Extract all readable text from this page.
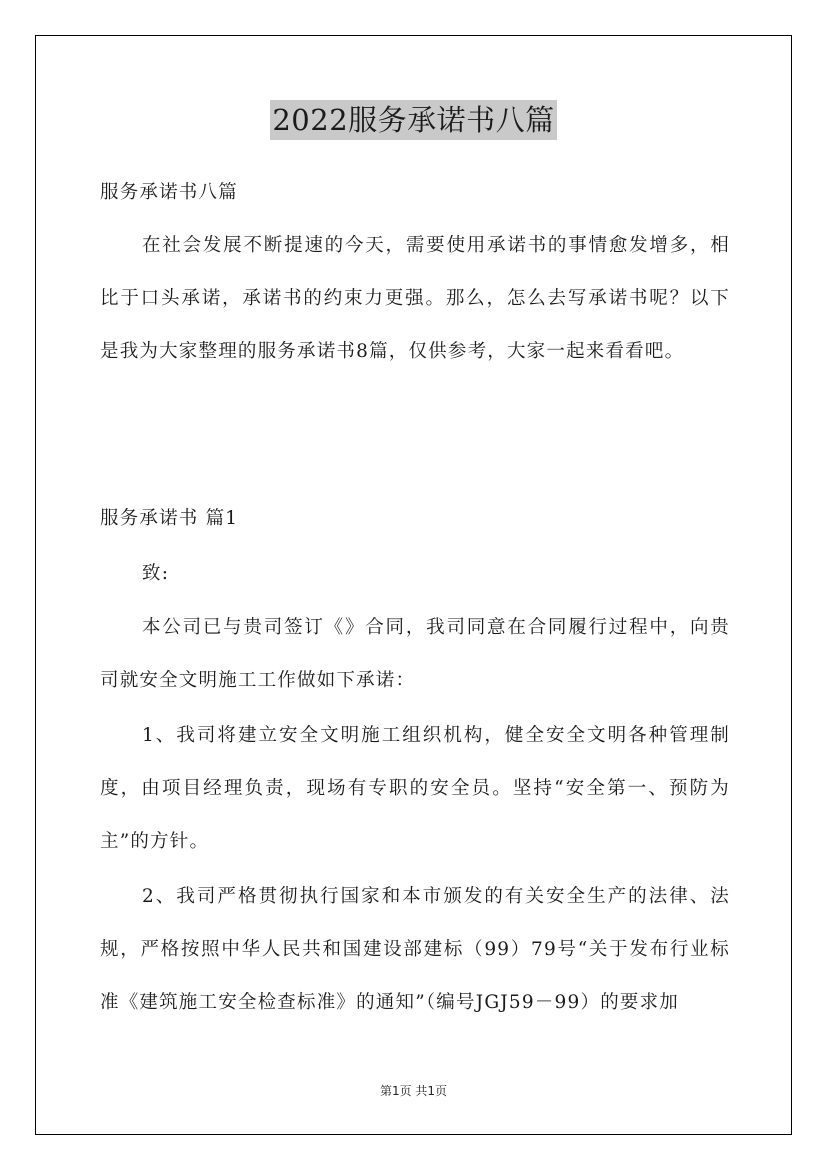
2022服务承诺书八篇

服务承诺书八篇

在社会发展不断提速的今天，需要使用承诺书的事情愈发增多，相比于口头承诺，承诺书的约束力更强。那么，怎么去写承诺书呢？以下是我为大家整理的服务承诺书8篇，仅供参考，大家一起来看看吧。

服务承诺书 篇1

致:

本公司已与贵司签订《》合同，我司同意在合同履行过程中，向贵司就安全文明施工工作做如下承诺：

1、我司将建立安全文明施工组织机构，健全安全文明各种管理制度，由项目经理负责，现场有专职的安全员。坚持“安全第一、预防为主”的方针。

2、我司严格贯彻执行国家和本市颁发的有关安全生产的法律、法规，严格按照中华人民共和国建设部建标（99）79号“关于发布行业标准《建筑施工安全检查标准》的通知”（编号JGJ59－99）的要求加

第1页 共1页
